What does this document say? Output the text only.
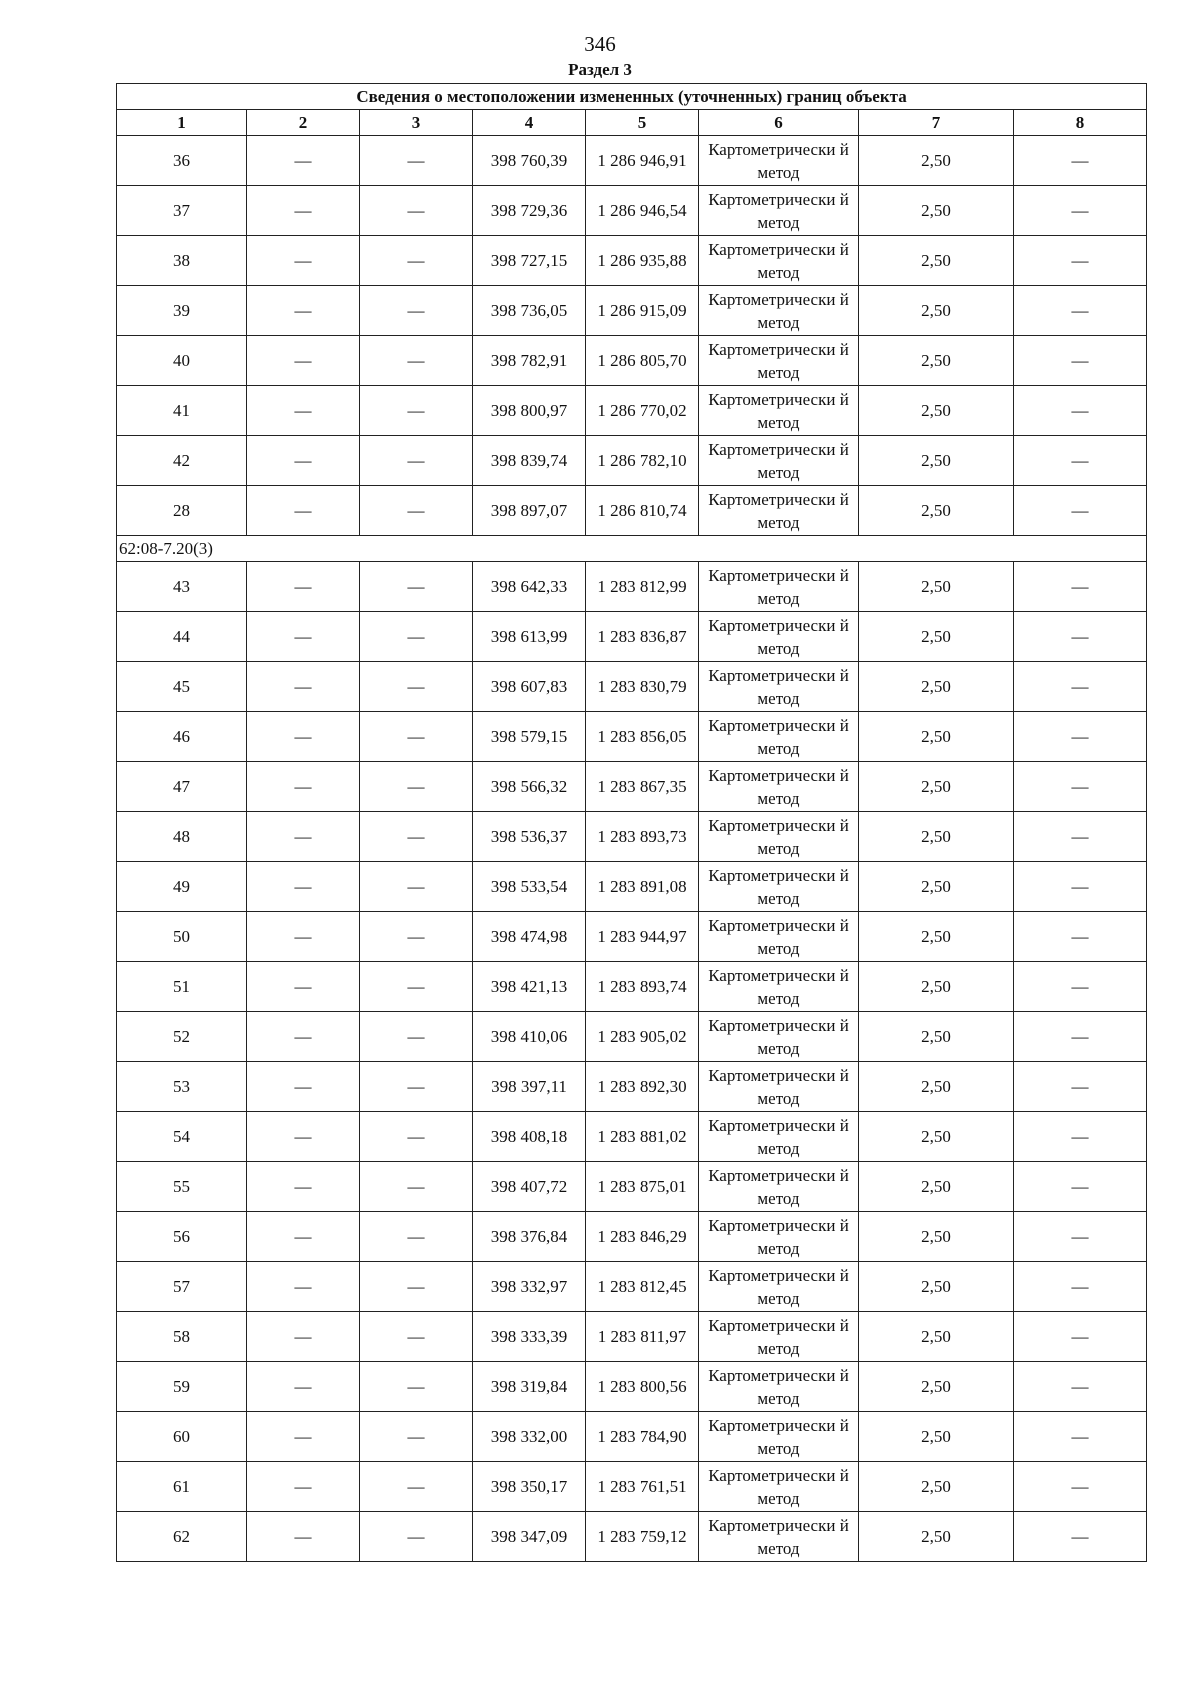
346
Раздел 3
Сведения о местоположении измененных (уточненных) границ объекта							
1	2	3	4	5	6	7	8
36	—	—	398 760,39	1 286 946,91	Картометрически й метод	2,50	—
37	—	—	398 729,36	1 286 946,54	Картометрически й метод	2,50	—
38	—	—	398 727,15	1 286 935,88	Картометрически й метод	2,50	—
39	—	—	398 736,05	1 286 915,09	Картометрически й метод	2,50	—
40	—	—	398 782,91	1 286 805,70	Картометрически й метод	2,50	—
41	—	—	398 800,97	1 286 770,02	Картометрически й метод	2,50	—
42	—	—	398 839,74	1 286 782,10	Картометрически й метод	2,50	—
28	—	—	398 897,07	1 286 810,74	Картометрически й метод	2,50	—
62:08-7.20(3)							
43	—	—	398 642,33	1 283 812,99	Картометрически й метод	2,50	—
44	—	—	398 613,99	1 283 836,87	Картометрически й метод	2,50	—
45	—	—	398 607,83	1 283 830,79	Картометрически й метод	2,50	—
46	—	—	398 579,15	1 283 856,05	Картометрически й метод	2,50	—
47	—	—	398 566,32	1 283 867,35	Картометрически й метод	2,50	—
48	—	—	398 536,37	1 283 893,73	Картометрически й метод	2,50	—
49	—	—	398 533,54	1 283 891,08	Картометрически й метод	2,50	—
50	—	—	398 474,98	1 283 944,97	Картометрически й метод	2,50	—
51	—	—	398 421,13	1 283 893,74	Картометрически й метод	2,50	—
52	—	—	398 410,06	1 283 905,02	Картометрически й метод	2,50	—
53	—	—	398 397,11	1 283 892,30	Картометрически й метод	2,50	—
54	—	—	398 408,18	1 283 881,02	Картометрически й метод	2,50	—
55	—	—	398 407,72	1 283 875,01	Картометрически й метод	2,50	—
56	—	—	398 376,84	1 283 846,29	Картометрически й метод	2,50	—
57	—	—	398 332,97	1 283 812,45	Картометрически й метод	2,50	—
58	—	—	398 333,39	1 283 811,97	Картометрически й метод	2,50	—
59	—	—	398 319,84	1 283 800,56	Картометрически й метод	2,50	—
60	—	—	398 332,00	1 283 784,90	Картометрически й метод	2,50	—
61	—	—	398 350,17	1 283 761,51	Картометрически й метод	2,50	—
62	—	—	398 347,09	1 283 759,12	Картометрически й метод	2,50	—
